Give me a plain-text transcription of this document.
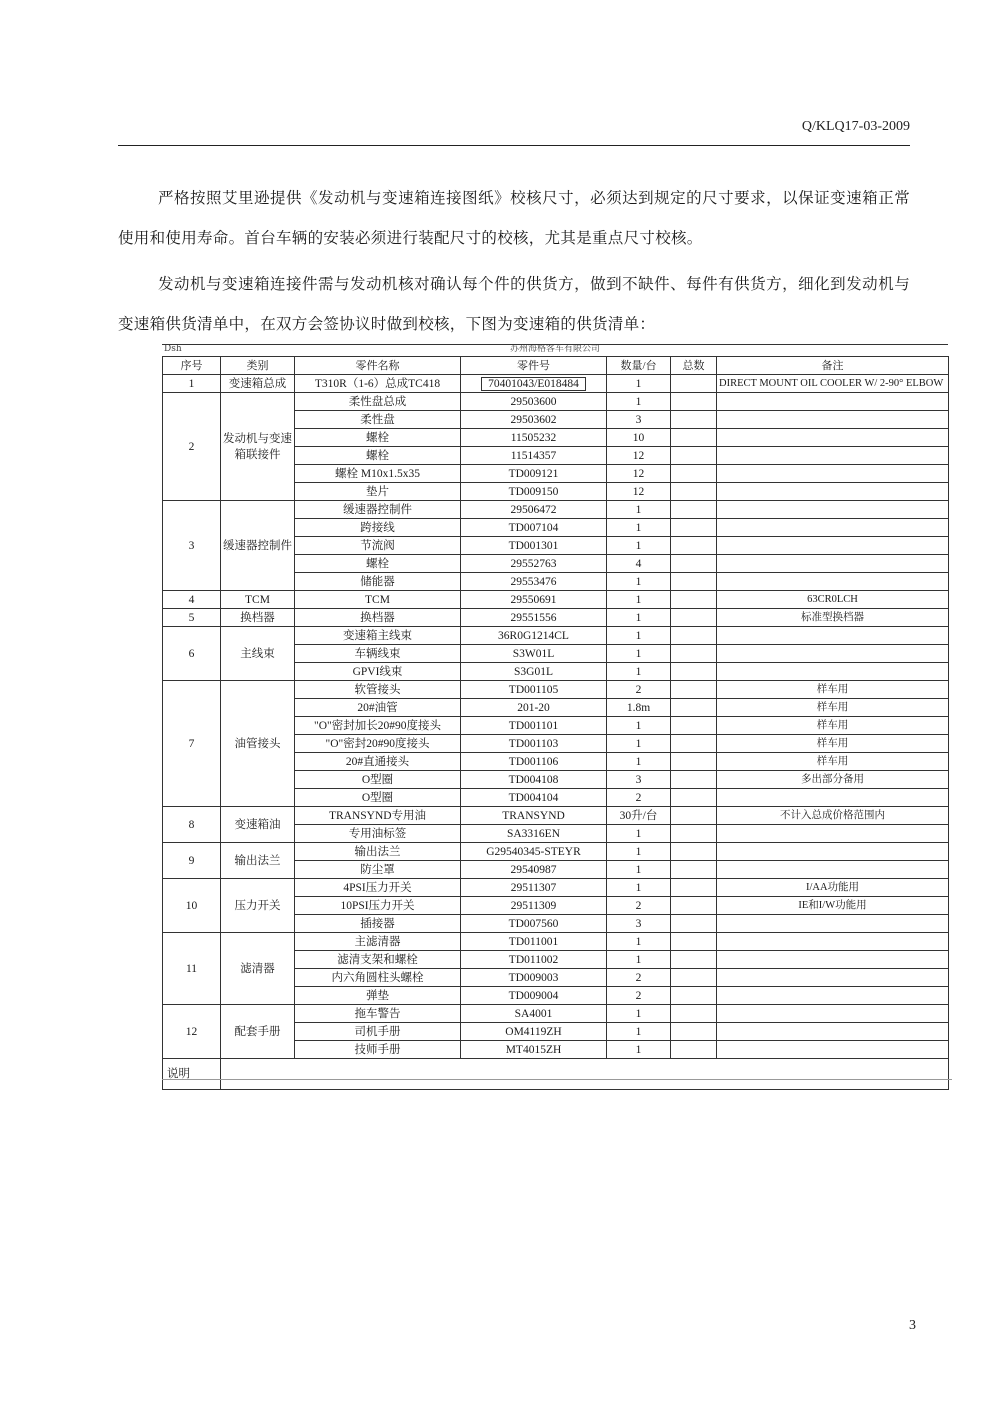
Q/KLQ17-03-2009

严格按照艾里逊提供《发动机与变速箱连接图纸》校核尺寸，必须达到规定的尺寸要求，以保证变速箱正常使用和使用寿命。首台车辆的安装必须进行装配尺寸的校核，尤其是重点尺寸校核。

发动机与变速箱连接件需与发动机核对确认每个件的供货方，做到不缺件、每件有供货方，细化到发动机与变速箱供货清单中，在双方会签协议时做到校核，下图为变速箱的供货清单：

Dsh	苏州海格客车有限公司
序号	类别	零件名称	零件号	数量/台	总数	备注
1	变速箱总成	T310R（1-6）总成TC418	70401043/E018484	1		DIRECT MOUNT OIL COOLER W/ 2-90° ELBOW
2	发动机与变速箱联接件	柔性盘总成	29503600	1		
		柔性盘	29503602	3		
		螺栓	11505232	10		
		螺栓	11514357	12		
		螺栓 M10x1.5x35	TD009121	12		
		垫片	TD009150	12		
3	缓速器控制件	缓速器控制件	29506472	1		
		跨接线	TD007104	1		
		节流阀	TD001301	1		
		螺栓	29552763	4		
		储能器	29553476	1		
4	TCM	TCM	29550691	1		63CR0LCH
5	换档器	换档器	29551556	1		标准型换档器
6	主线束	变速箱主线束	36R0G1214CL	1		
		车辆线束	S3W01L	1		
		GPVI线束	S3G01L	1		
7	油管接头	软管接头	TD001105	2		样车用
		20#油管	201-20	1.8m		样车用
		"O"密封加长20#90度接头	TD001101	1		样车用
		"O"密封20#90度接头	TD001103	1		样车用
		20#直通接头	TD001106	1		样车用
		O型圈	TD004108	3		多出部分备用
		O型圈	TD004104	2		
8	变速箱油	TRANSYND专用油	TRANSYND	30升/台		不计入总成价格范围内
		专用油标签	SA3316EN	1		
9	输出法兰	输出法兰	G29540345-STEYR	1		
		防尘罩	29540987	1		
10	压力开关	4PSI压力开关	29511307	1		I/AA功能用
		10PSI压力开关	29511309	2		IE和I/W功能用
		插接器	TD007560	3		
11	滤清器	主滤清器	TD011001	1		
		滤清支架和螺栓	TD011002	1		
		内六角圆柱头螺栓	TD009003	2		
		弹垫	TD009004	2		
12	配套手册	拖车警告	SA4001	1		
		司机手册	OM4119ZH	1		
		技师手册	MT4015ZH	1		
说明						
3
